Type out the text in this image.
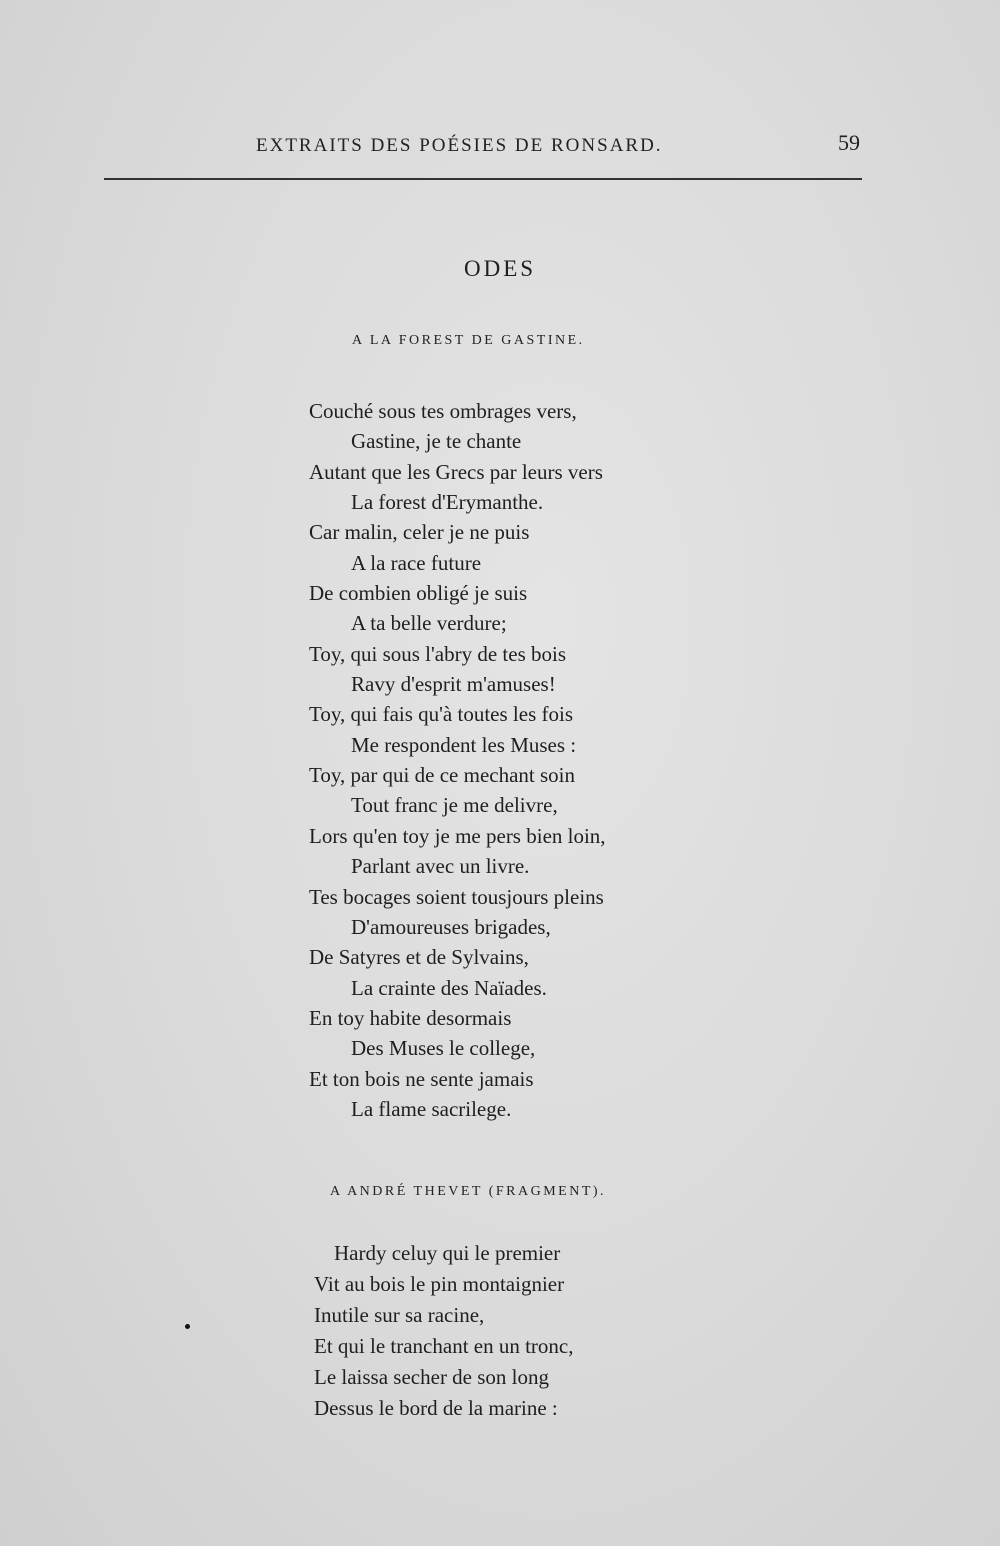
EXTRAITS DES POÉSIES DE RONSARD.	59
ODES
A LA FOREST DE GASTINE.
Couché sous tes ombrages vers,
Gastine, je te chante
Autant que les Grecs par leurs vers
La forest d'Erymanthe.
Car malin, celer je ne puis
A la race future
De combien obligé je suis
A ta belle verdure;
Toy, qui sous l'abry de tes bois
Ravy d'esprit m'amuses!
Toy, qui fais qu'à toutes les fois
Me respondent les Muses :
Toy, par qui de ce mechant soin
Tout franc je me delivre,
Lors qu'en toy je me pers bien loin,
Parlant avec un livre.
Tes bocages soient tousjours pleins
D'amoureuses brigades,
De Satyres et de Sylvains,
La crainte des Naïades.
En toy habite desormais
Des Muses le college,
Et ton bois ne sente jamais
La flame sacrilege.
A ANDRÉ THEVET (FRAGMENT).
Hardy celuy qui le premier
Vit au bois le pin montaignier
Inutile sur sa racine,
Et qui le tranchant en un tronc,
Le laissa secher de son long
Dessus le bord de la marine :
